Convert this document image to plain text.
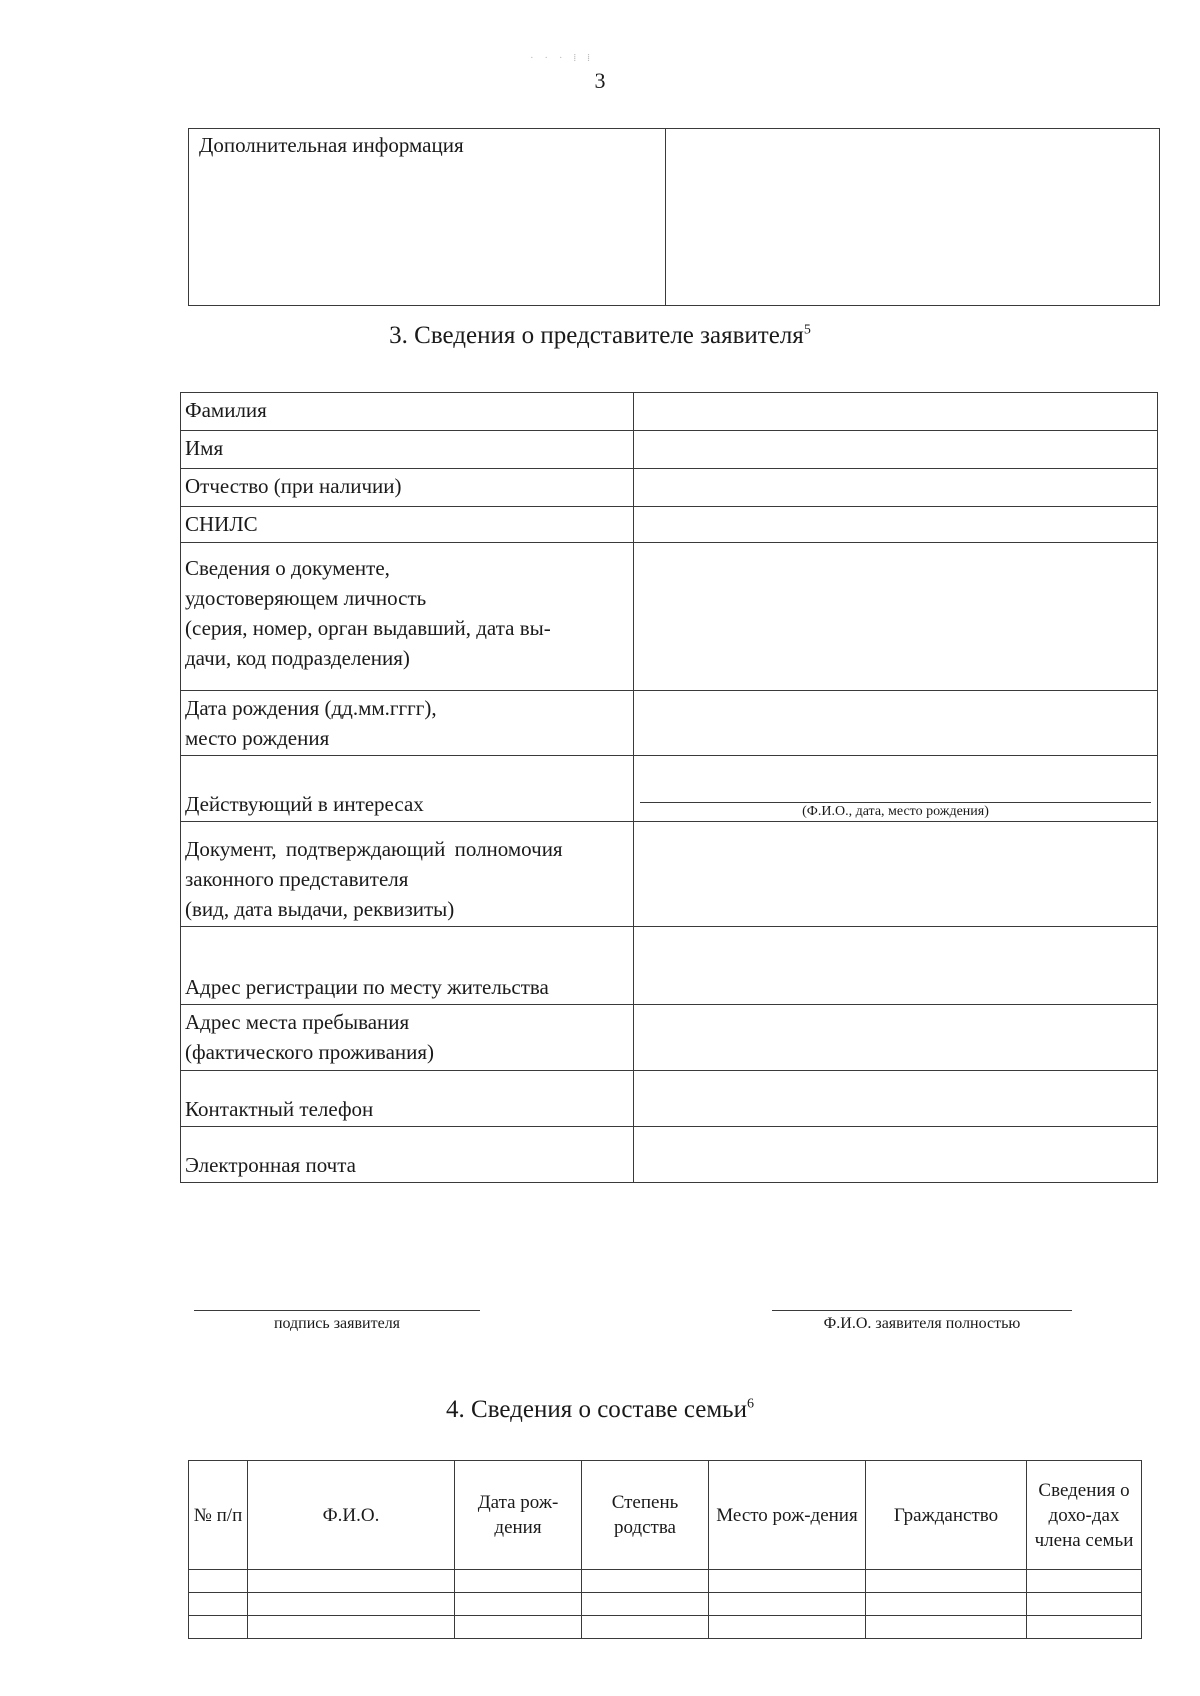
· · · ⁞ ⁞
3
Дополнительная информация	
3. Сведения о представителе заявителя$^5$
Фамилия	
Имя	
Отчество (при наличии)	
СНИЛС	

Сведения о документе,
удостоверяющем личность
(серия, номер, орган выдавший, дата вы-
дачи, код подразделения)	

Дата рождения (дд.мм.гггг),
место рождения	

Действующий в интересах	(Ф.И.О., дата, место рождения)

Документ, подтверждающий полномочия
законного представителя
(вид, дата выдачи, реквизиты)	

Адрес регистрации по месту жительства	

Адрес места пребывания
(фактического проживания)	

Контактный телефон	
Электронная почта	
подпись заявителя	Ф.И.О. заявителя полностью
4. Сведения о составе семьи$^6$
№ п/п	Ф.И.О.	Дата рож-дения	Степень родства	Место рож-дения	Гражданство	Сведения о дохо-дах члена семьи
